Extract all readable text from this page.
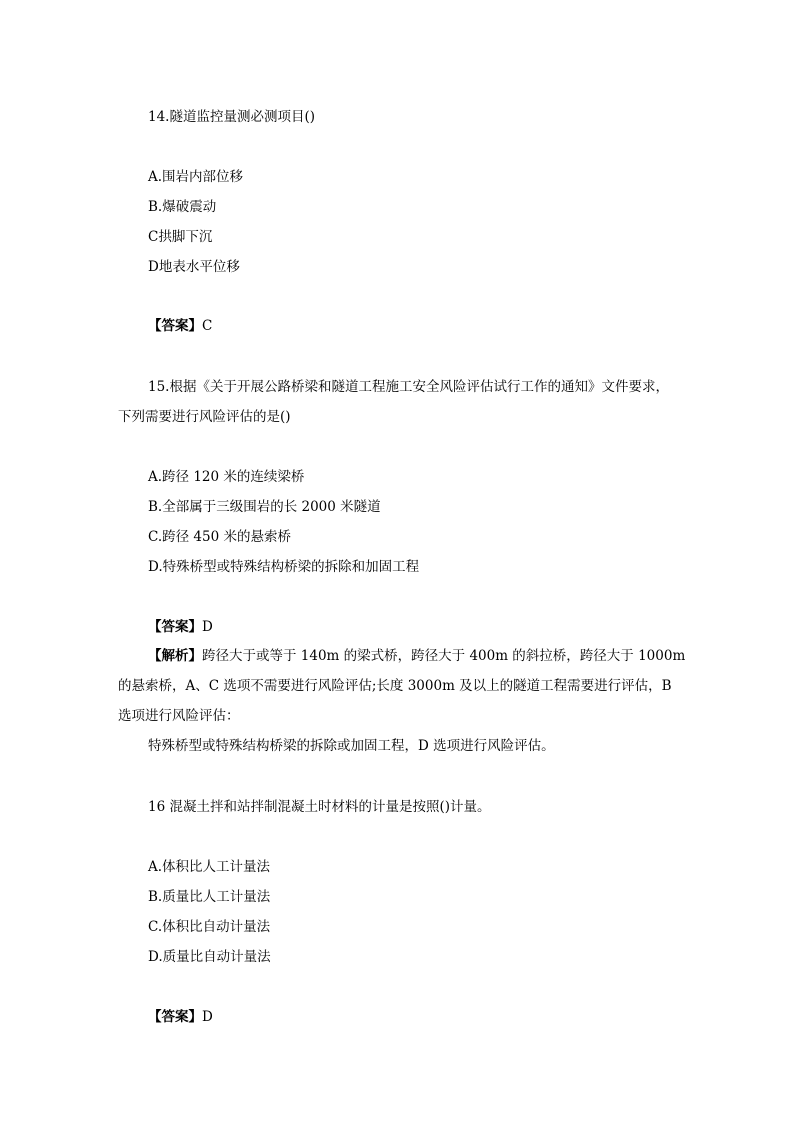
14.隧道监控量测必测项目()
A.围岩内部位移
B.爆破震动
C拱脚下沉
D地表水平位移
【答案】C
15.根据《关于开展公路桥梁和隧道工程施工安全风险评估试行工作的通知》文件要求，
下列需要进行风险评估的是()
A.跨径 120 米的连续梁桥
B.全部属于三级围岩的长 2000 米隧道
C.跨径 450 米的悬索桥
D.特殊桥型或特殊结构桥梁的拆除和加固工程
【答案】D
【解析】跨径大于或等于 140m 的梁式桥，跨径大于 400m 的斜拉桥，跨径大于 1000m
的悬索桥，A、C 选项不需要进行风险评估;长度 3000m 及以上的隧道工程需要进行评估，B
选项进行风险评估：
特殊桥型或特殊结构桥梁的拆除或加固工程，D 选项进行风险评估。
16 混凝土拌和站拌制混凝土时材料的计量是按照()计量。
A.体积比人工计量法
B.质量比人工计量法
C.体积比自动计量法
D.质量比自动计量法
【答案】D
